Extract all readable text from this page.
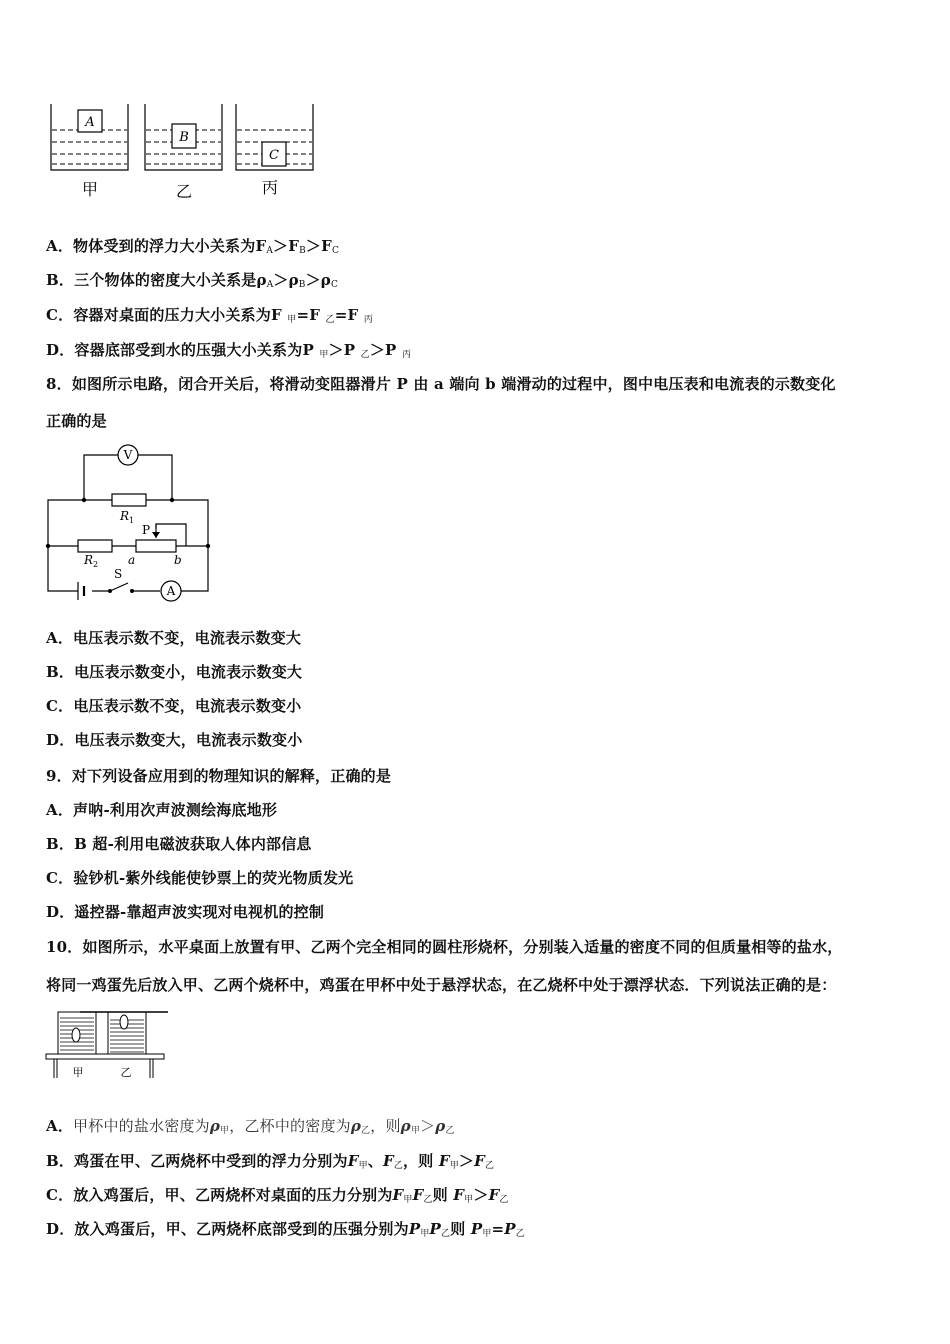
A
B
C
甲	乙	丙
A．物体受到的浮力大小关系为$F_A>F_B>F_C$
B．三个物体的密度大小关系是$\rho_A>\rho_B>\rho_C$
C．容器对桌面的压力大小关系为F $_甲$=F $_乙$=F $_丙$
D．容器底部受到水的压强大小关系为P $_甲$＞P $_乙$＞P $_丙$
8．如图所示电路，闭合开关后，将滑动变阻器滑片 P 由 a 端向 b 端滑动的过程中，图中电压表和电流表的示数变化
正确的是
V
A
$R_1$
$R_2$ a	b
P
S
A．电压表示数不变，电流表示数变大
B．电压表示数变小，电流表示数变大
C．电压表示数不变，电流表示数变小
D．电压表示数变大，电流表示数变小
9．对下列设备应用到的物理知识的解释，正确的是
A．声呐-利用次声波测绘海底地形
B．B 超-利用电磁波获取人体内部信息
C．验钞机-紫外线能使钞票上的荧光物质发光
D．遥控器-靠超声波实现对电视机的控制
10．如图所示，水平桌面上放置有甲、乙两个完全相同的圆柱形烧杯，分别装入适量的密度不同的但质量相等的盐水，
将同一鸡蛋先后放入甲、乙两个烧杯中，鸡蛋在甲杯中处于悬浮状态，在乙烧杯中处于漂浮状态．下列说法正确的是：
甲	乙
A．甲杯中的盐水密度为$\rho_甲$，乙杯中的密度为$\rho_乙$，则$\rho_甲>\rho_乙$
B．鸡蛋在甲、乙两烧杯中受到的浮力分别为$F_甲$、$F_乙$，则 $F_甲>F_乙$
C．放入鸡蛋后，甲、乙两烧杯对桌面的压力分别为$F_甲F_乙$则 $F_甲>F_乙$
D．放入鸡蛋后，甲、乙两烧杯底部受到的压强分别为$P_甲P_乙$则 $P_甲=P_乙$
